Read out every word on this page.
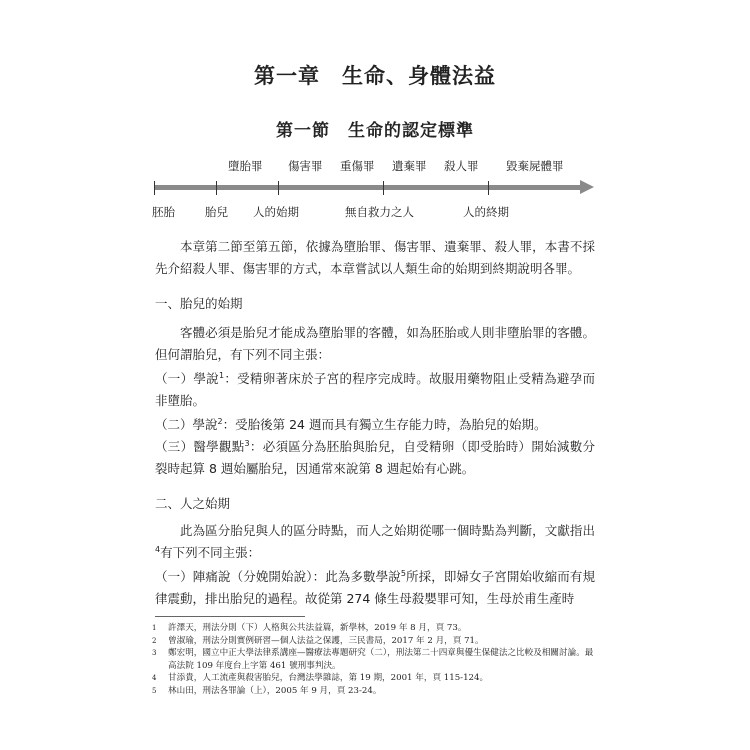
第一章　生命、身體法益
第一節　生命的認定標準
墮胎罪 傷害罪 重傷罪 遺棄罪 殺人罪 毀棄屍體罪
胚胎	胎兒 人的始期	無自救力之人	人的終期
本章第二節至第五節，依據為墮胎罪、傷害罪、遺棄罪、殺人罪，本書不採先介紹殺人罪、傷害罪的方式，本章嘗試以人類生命的始期到終期說明各罪。
一、胎兒的始期
客體必須是胎兒才能成為墮胎罪的客體，如為胚胎或人則非墮胎罪的客體。但何謂胎兒，有下列不同主張：
（一）學說$^1$：受精卵著床於子宮的程序完成時。故服用藥物阻止受精為避孕而非墮胎。
（二）學說$^2$：受胎後第 24 週而具有獨立生存能力時，為胎兒的始期。
（三）醫學觀點$^3$：必須區分為胚胎與胎兒，自受精卵（即受胎時）開始減數分裂時起算 8 週始屬胎兒，因通常來說第 8 週起始有心跳。
二、人之始期
此為區分胎兒與人的區分時點，而人之始期從哪一個時點為判斷，文獻指出$^4$有下列不同主張：
（一）陣痛說（分娩開始說）：此為多數學說$^5$所採，即婦女子宮開始收縮而有規律震動，排出胎兒的過程。故從第 274 條生母殺嬰罪可知，生母於甫生產時
1	許澤天，刑法分則（下）人格與公共法益篇，新學林，2019 年 8 月，頁 73。
2	曾淑瑜，刑法分則實例研習—個人法益之保護，三民書局，2017 年 2 月，頁 71。
3	鄭宏明，國立中正大學法律系講座—醫療法專題研究（二），刑法第二十四章與優生保健法之比較及相關討論。最高法院 109 年度台上字第 461 號刑事判決。
4	甘添貴，人工流產與殺害胎兒，台灣法學雜誌，第 19 期，2001 年，頁 115-124。
5	林山田，刑法各罪論（上），2005 年 9 月，頁 23-24。
